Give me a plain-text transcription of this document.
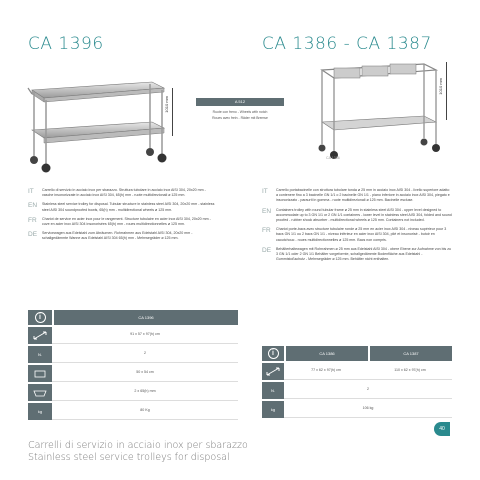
CA 1396	CA 1386 - CA 1387
1010 mm	A 512
Ruote con freno - Wheels with notch
Roues avec frein - Räder mit Bremse
CA 1386
1010 mm
IT	Carrello di servizio in acciaio inox per sbarazzo. Struttura tubolare in acciaio inox AISI 304, 20x20 mm - vasche insonorizzate in acciaio inox AISI 304, 65(h) mm - ruote multidirezionali ø 125 mm.
EN	Stainless steel service trolley for disposal. Tubular structure in stainless steel AISI 304, 20x20 mm - stainless steel AISI 304 soundproofed bowls, 65(h) mm - multidirectional wheels ø 125 mm.
FR	Chariot de service en acier inox pour le rangement. Structure tubulaire en acier inox AISI 304, 20x20 mm - cuve en acier inox AISI 304 insonorisées 65(h) mm - roues multidirectionnelles ø 125 mm.
DE	Servicewagen aus Edelstahl zum Abräumen. Rohrrahmen aus Edelstahl AISI 304, 20x20 mm - schallgedämmte Wanne aus Edelstahl AISI 304 65(h) mm - Mehrwegräder ø 125 mm.
IT	Carrello portabacinelle con struttura tubolare tonda ø 25 mm in acciaio inox AISI 304 - livello superiore adatto a contenere fino a 3 bacinelle GN 1/1 o 2 bacinelle GN 1/1 - piano inferiore in acciaio inox AISI 304, piegato e insonorizzato - paraurti in gomma - ruote multidirezionali ø 125 mm. Bacinelle escluse.
EN	Containers trolley with round tubular frame ø 25 mm in stainless steel AISI 304 - upper level designed to accommodate up to 3 GN 1/1 or 2 GN 1/1 containers - lower level in stainless steel AISI 304, folded and sound proofed - rubber shock absorber - multidirectional wheels ø 125 mm. Containers not included.
FR	Chariot porte-bacs avec structure tubulaire ronde ø 25 mm en acier inox AISI 304 - niveau supérieur pour 3 bacs GN 1/1 ou 2 bacs GN 1/1 - niveau inférieur en acier inox AISI 304, plié et insonorisé - butoir en caoutchouc - roues multidirectionnelles ø 125 mm. Bacs non compris.
DE	Behälterhaltewagen mit Rohrrahmen ø 25 mm aus Edelstahl AISI 304 - obere Ebene zur Aufnahme von bis zu 3 GN 1/1 oder 2 GN 1/1 Behälter vorgeformte, schallgedämmte Bodenfläche aus Edelstahl - Gummistoßschutz - Mehrwegräder ø 125 mm. Behälter nicht enthalten.
i	CA 1396
91 x 57 x 97(h) cm
N.	2
50 x 54 cm
2 x 65(h) mm
kg	80 Kg
i	CA 1386	CA 1387
77 x 62 x 97(h) cm	110 x 62 x 97(h) cm
N.	2
kg	106 kg
Carrelli di servizio in acciaio inox per sbarazzo
Stainless steel service trolleys for disposal
40
